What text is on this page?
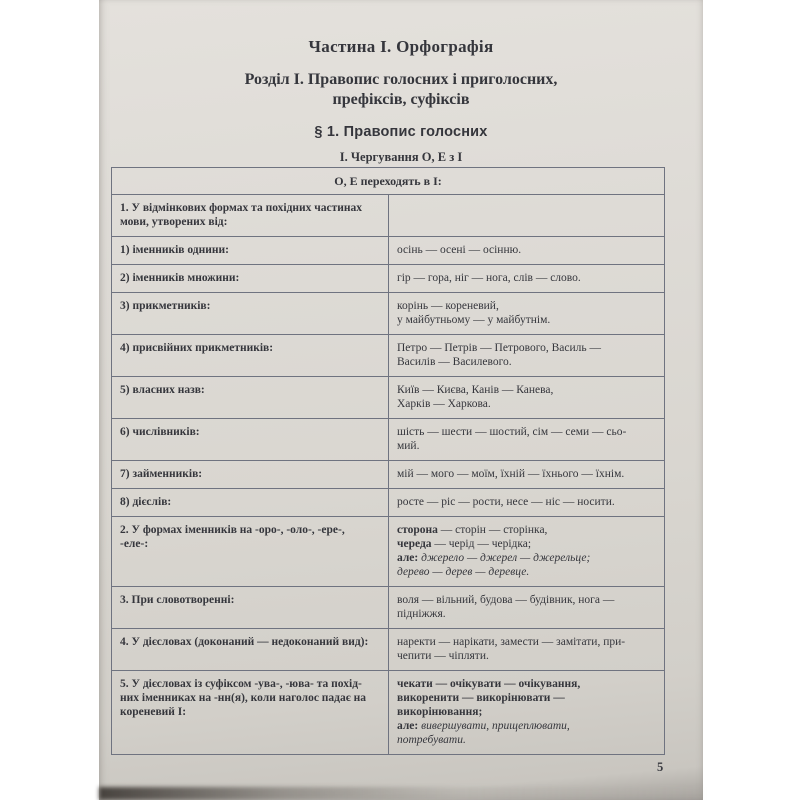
Частина І. Орфографія
Розділ І. Правопис голосних і приголосних,
префіксів, суфіксів
§ 1. Правопис голосних
І. Чергування О, Е з І
О, Е переходять в І:	
1. У відмінкових формах та похідних частинах
мови, утворених від:	
1) іменників однини:	осінь — осені — осінню.
2) іменників множини:	гір — гора, ніг — нога, слів — слово.
3) прикметників:	корінь — кореневий,
у майбутньому — у майбутнім.
4) присвійних прикметників:	Петро — Петрів — Петрового, Василь —
Василів — Василевого.
5) власних назв:	Київ — Києва, Канів — Канева,
Харків — Харкова.
6) числівників:	шість — шести — шостий, сім — семи — сьо-
мий.
7) займенників:	мій — мого — моїм, їхній — їхнього — їхнім.
8) дієслів:	росте — ріс — рости, несе — ніс — носити.
2. У формах іменників на -оро-, -оло-, -ере-,
-еле-:	сторона — сторін — сторінка,
череда — черід — черідка;
але: джерело — джерел — джерельце;
дерево — дерев — деревце.
3. При словотворенні:	воля — вільний, будова — будівник, нога —
підніжжя.
4. У дієсловах (доконаний — недоконаний вид):	наректи — нарікати, замести — замітати, при-
чепити — чіпляти.
5. У дієсловах із суфіксом -ува-, -юва- та похід-
них іменниках на -нн(я), коли наголос падає на
кореневий І:	чекати — очікувати — очікування,
викоренити — викорінювати —
викорінювання;
але: вивершувати, прищеплювати,
потребувати.
5
